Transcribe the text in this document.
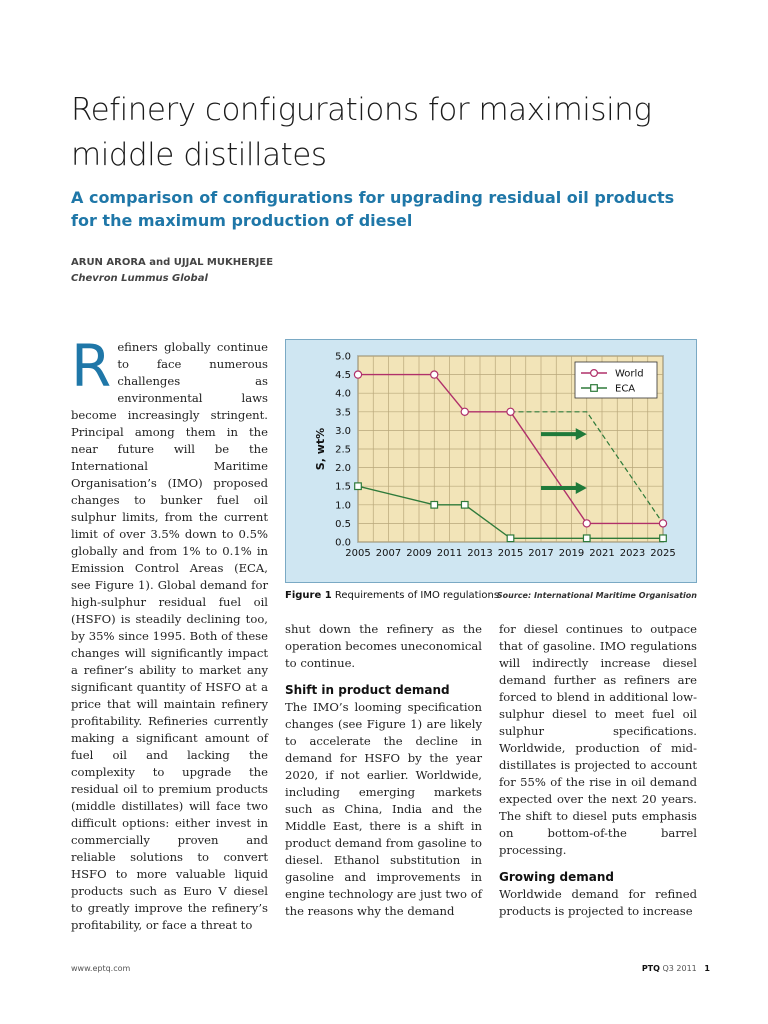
Refinery configurations for maximising middle distillates
A comparison of configurations for upgrading residual oil products for the maximum production of diesel
ARUN ARORA and UJJAL MUKHERJEE
Chevron Lummus Global
R efiners globally continue to face numerous challenges as environmental laws become increasingly stringent. Principal among them in the near future will be the International Maritime Organisation’s (IMO) proposed changes to bunker fuel oil sulphur limits, from the current limit of over 3.5% down to 0.5% globally and from 1% to 0.1% in Emission Control Areas (ECA, see Figure 1). Global demand for high-sulphur residual fuel oil (HSFO) is steadily declining too, by 35% since 1995. Both of these changes will significantly impact a refiner’s ability to market any significant quantity of HSFO at a price that will maintain refinery profitability. Refineries currently making a significant amount of fuel oil and lacking the complexity to upgrade the residual oil to premium products (middle distillates) will face two difficult options: either invest in commercially proven and reliable solutions to convert HSFO to more valuable liquid products such as Euro V diesel to greatly improve the refinery’s profitability, or face a threat to

0.0
0.5
1.0
1.5
2.0
2.5
3.0
3.5
4.0
4.5
5.0
2005 2007 2009 2011 2013 2015 2017 2019 2021 2023 2025
S, wt%
World
ECA
Figure 1 Requirements of IMO regulations
Source: International Maritime Organisation

shut down the refinery as the operation becomes uneconomical to continue.

Shift in product demand

The IMO’s looming specification changes (see Figure 1) are likely to accelerate the decline in demand for HSFO by the year 2020, if not earlier. Worldwide, including emerging markets such as China, India and the Middle East, there is a shift in product demand from gasoline to diesel. Ethanol substitution in gasoline and improvements in engine technology are just two of the reasons why the demand

for diesel continues to outpace that of gasoline. IMO regulations will indirectly increase diesel demand further as refiners are forced to blend in additional low-sulphur diesel to meet fuel oil sulphur specifications. Worldwide, production of mid-distillates is projected to account for 55% of the rise in oil demand expected over the next 20 years. The shift to diesel puts emphasis on bottom-of-the barrel processing.

Growing demand

Worldwide demand for refined products is projected to increase

www.eptq.com	PTQ Q3 2011 1
